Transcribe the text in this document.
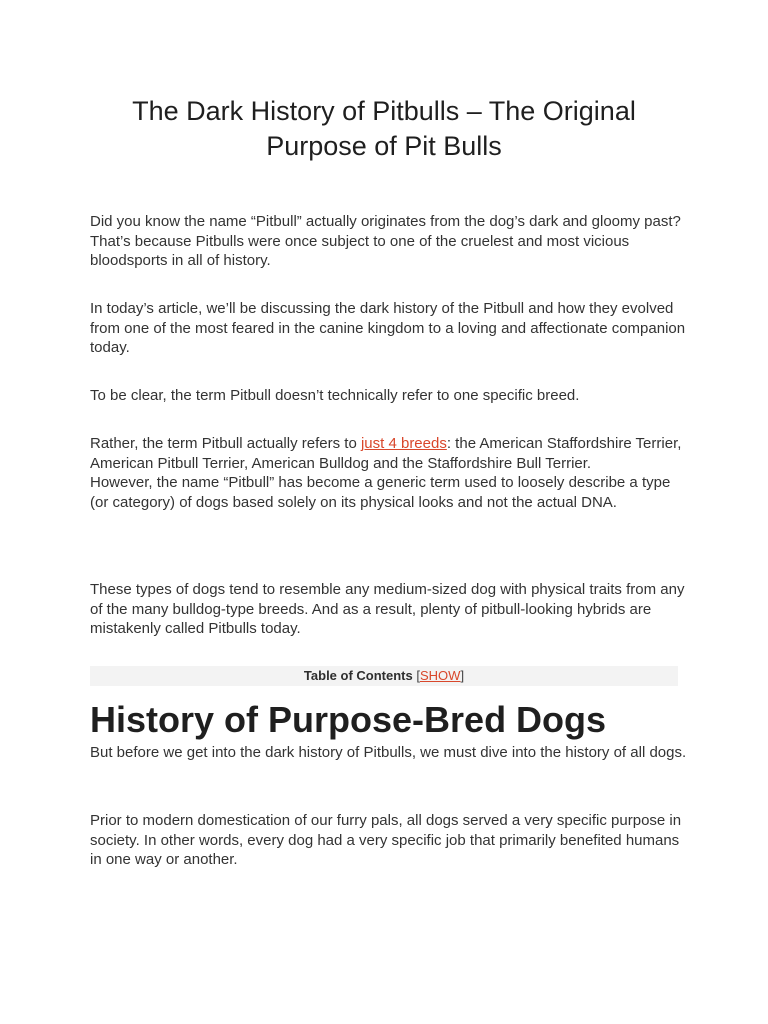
The Dark History of Pitbulls – The Original Purpose of Pit Bulls

Did you know the name “Pitbull” actually originates from the dog’s dark and gloomy past? That’s because Pitbulls were once subject to one of the cruelest and most vicious bloodsports in all of history.

In today’s article, we’ll be discussing the dark history of the Pitbull and how they evolved from one of the most feared in the canine kingdom to a loving and affectionate companion today.

To be clear, the term Pitbull doesn’t technically refer to one specific breed.

Rather, the term Pitbull actually refers to just 4 breeds: the American Staffordshire Terrier, American Pitbull Terrier, American Bulldog and the Staffordshire Bull Terrier.
However, the name “Pitbull” has become a generic term used to loosely describe a type (or category) of dogs based solely on its physical looks and not the actual DNA.

These types of dogs tend to resemble any medium-sized dog with physical traits from any of the many bulldog-type breeds. And as a result, plenty of pitbull-looking hybrids are mistakenly called Pitbulls today.

Table of Contents [SHOW]
History of Purpose-Bred Dogs

But before we get into the dark history of Pitbulls, we must dive into the history of all dogs.

Prior to modern domestication of our furry pals, all dogs served a very specific purpose in society. In other words, every dog had a very specific job that primarily benefited humans in one way or another.
